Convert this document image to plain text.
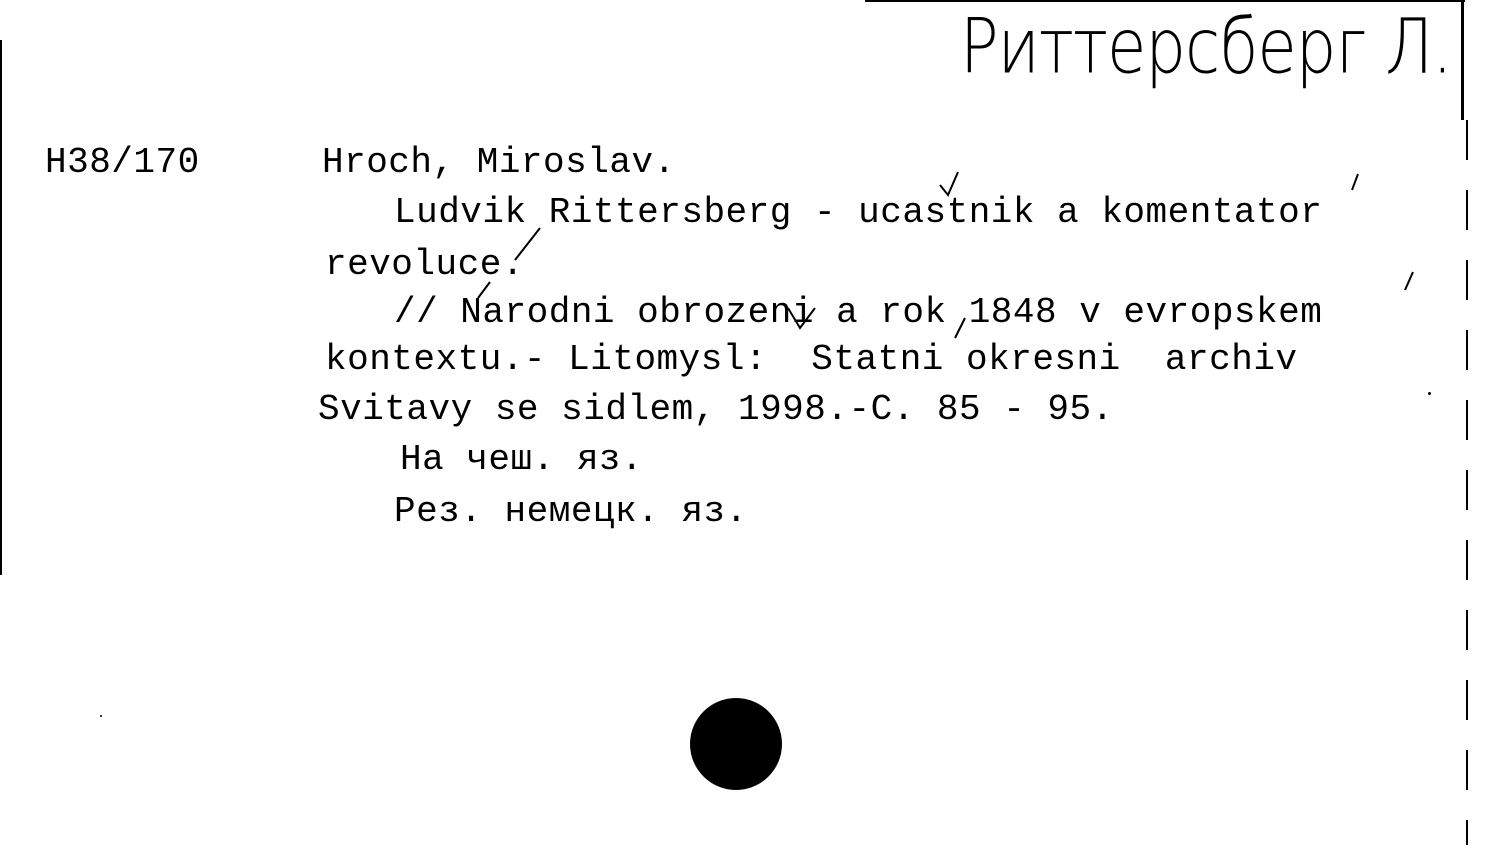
Риттерсберг Л.
H38/170	Hroch, Miroslav.
Ludvik Rittersberg - ucastnik a komentator
revoluce.
// Narodni obrozeni a rok 1848 v evropskem
kontextu.- Litomysl:  Statni okresni  archiv
Svitavy se sidlem, 1998.-C. 85 - 95.
На чеш. яз.
Рез. немецк. яз.
